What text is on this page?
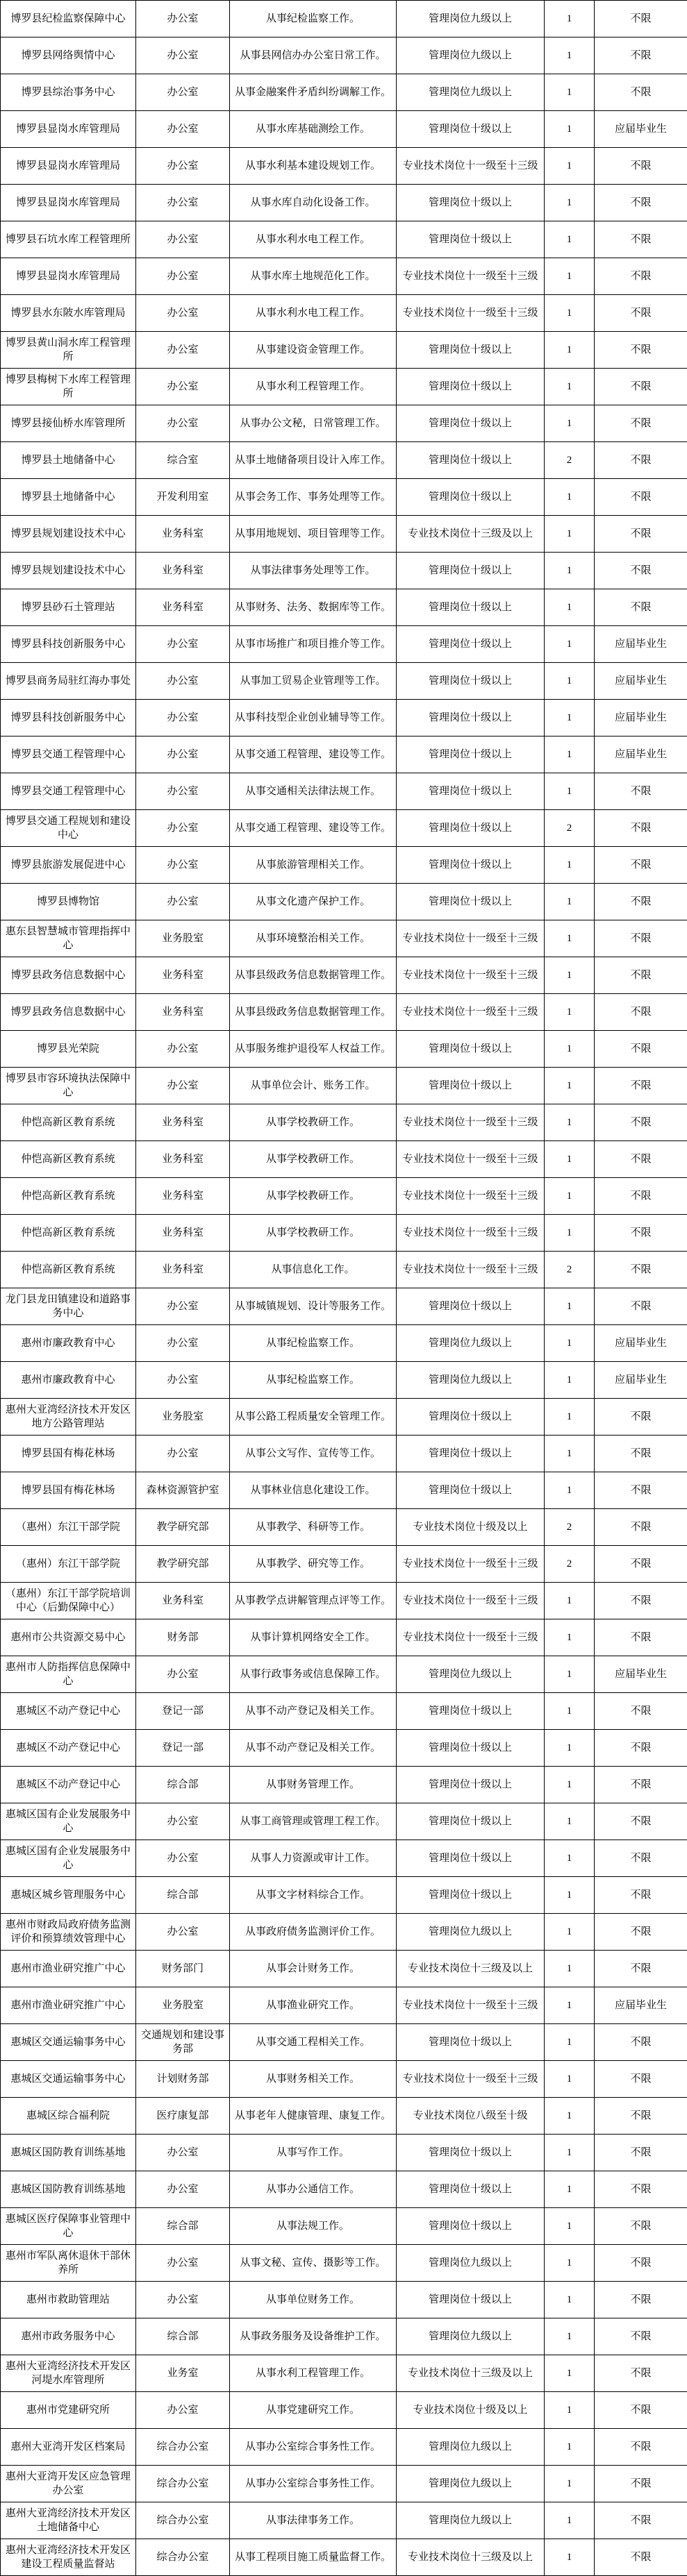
博罗县纪检监察保障中心	办公室	从事纪检监察工作。	管理岗位九级以上	1	不限
博罗县网络舆情中心	办公室	从事县网信办办公室日常工作。	管理岗位九级以上	1	不限
博罗县综治事务中心	办公室	从事金融案件矛盾纠纷调解工作。	管理岗位九级以上	1	不限
博罗县显岗水库管理局	办公室	从事水库基础测绘工作。	管理岗位十级以上	1	应届毕业生
博罗县显岗水库管理局	办公室	从事水利基本建设规划工作。	专业技术岗位十一级至十三级	1	不限
博罗县显岗水库管理局	办公室	从事水库自动化设备工作。	管理岗位十级以上	1	不限
博罗县石坑水库工程管理所	办公室	从事水利水电工程工作。	管理岗位十级以上	1	不限
博罗县显岗水库管理局	办公室	从事水库土地规范化工作。	专业技术岗位十一级至十三级	1	不限
博罗县水东陂水库管理局	办公室	从事水利水电工程工作。	专业技术岗位十一级至十三级	1	不限
博罗县黄山洞水库工程管理所	办公室	从事建设资金管理工作。	管理岗位十级以上	1	不限
博罗县梅树下水库工程管理所	办公室	从事水利工程管理工作。	管理岗位十级以上	1	不限
博罗县接仙桥水库管理所	办公室	从事办公文秘，日常管理工作。	管理岗位十级以上	1	不限
博罗县土地储备中心	综合室	从事土地储备项目设计入库工作。	管理岗位十级以上	2	不限
博罗县土地储备中心	开发利用室	从事会务工作、事务处理等工作。	管理岗位十级以上	1	不限
博罗县规划建设技术中心	业务科室	从事用地规划、项目管理等工作。	专业技术岗位十三级及以上	1	不限
博罗县规划建设技术中心	业务科室	从事法律事务处理等工作。	管理岗位十级以上	1	不限
博罗县砂石土管理站	业务科室	从事财务、法务、数据库等工作。	管理岗位十级以上	1	不限
博罗县科技创新服务中心	办公室	从事市场推广和项目推介等工作。	管理岗位十级以上	1	应届毕业生
博罗县商务局驻红海办事处	办公室	从事加工贸易企业管理等工作。	管理岗位十级以上	1	应届毕业生
博罗县科技创新服务中心	办公室	从事科技型企业创业辅导等工作。	管理岗位十级以上	1	应届毕业生
博罗县交通工程管理中心	办公室	从事交通工程管理、建设等工作。	管理岗位十级以上	1	应届毕业生
博罗县交通工程管理中心	办公室	从事交通相关法律法规工作。	管理岗位十级以上	1	不限
博罗县交通工程规划和建设中心	办公室	从事交通工程管理、建设等工作。	管理岗位十级以上	2	不限
博罗县旅游发展促进中心	办公室	从事旅游管理相关工作。	管理岗位十级以上	1	不限
博罗县博物馆	办公室	从事文化遗产保护工作。	管理岗位十级以上	1	不限
惠东县智慧城市管理指挥中心	业务股室	从事环境整治相关工作。	专业技术岗位十一级至十三级	1	不限
博罗县政务信息数据中心	业务科室	从事县级政务信息数据管理工作。	专业技术岗位十一级至十三级	1	不限
博罗县政务信息数据中心	业务科室	从事县级政务信息数据管理工作。	专业技术岗位十一级至十三级	1	不限
博罗县光荣院	办公室	从事服务维护退役军人权益工作。	管理岗位十级以上	1	不限
博罗县市容环境执法保障中心	办公室	从事单位会计、账务工作。	管理岗位十级以上	1	不限
仲恺高新区教育系统	业务科室	从事学校教研工作。	专业技术岗位十一级至十三级	1	不限
仲恺高新区教育系统	业务科室	从事学校教研工作。	专业技术岗位十一级至十三级	1	不限
仲恺高新区教育系统	业务科室	从事学校教研工作。	专业技术岗位十一级至十三级	1	不限
仲恺高新区教育系统	业务科室	从事学校教研工作。	专业技术岗位十一级至十三级	1	不限
仲恺高新区教育系统	业务科室	从事信息化工作。	专业技术岗位十一级至十三级	2	不限
龙门县龙田镇建设和道路事务中心	办公室	从事城镇规划、设计等服务工作。	管理岗位十级以上	1	不限
惠州市廉政教育中心	办公室	从事纪检监察工作。	管理岗位九级以上	1	应届毕业生
惠州市廉政教育中心	办公室	从事纪检监察工作。	管理岗位九级以上	1	应届毕业生
惠州大亚湾经济技术开发区地方公路管理站	业务股室	从事公路工程质量安全管理工作。	管理岗位十级以上	1	不限
博罗县国有梅花林场	办公室	从事公文写作、宣传等工作。	管理岗位十级以上	1	不限
博罗县国有梅花林场	森林资源管护室	从事林业信息化建设工作。	管理岗位十级以上	1	不限
（惠州）东江干部学院	教学研究部	从事教学、科研等工作。	专业技术岗位十级及以上	2	不限
（惠州）东江干部学院	教学研究部	从事教学、研究等工作。	专业技术岗位十一级至十三级	2	不限
（惠州）东江干部学院培训中心（后勤保障中心）	业务科室	从事教学点讲解管理点评等工作。	专业技术岗位十一级至十三级	1	不限
惠州市公共资源交易中心	财务部	从事计算机网络安全工作。	专业技术岗位十一级至十三级	1	不限
惠州市人防指挥信息保障中心	办公室	从事行政事务或信息保障工作。	管理岗位九级以上	1	应届毕业生
惠城区不动产登记中心	登记一部	从事不动产登记及相关工作。	管理岗位十级以上	1	不限
惠城区不动产登记中心	登记一部	从事不动产登记及相关工作。	管理岗位十级以上	1	不限
惠城区不动产登记中心	综合部	从事财务管理工作。	管理岗位十级以上	1	不限
惠城区国有企业发展服务中心	办公室	从事工商管理或管理工程工作。	管理岗位十级以上	1	不限
惠城区国有企业发展服务中心	办公室	从事人力资源或审计工作。	管理岗位十级以上	1	不限
惠城区城乡管理服务中心	综合部	从事文字材料综合工作。	管理岗位十级以上	1	不限
惠州市财政局政府债务监测评价和预算绩效管理中心	办公室	从事政府债务监测评价工作。	管理岗位九级以上	1	不限
惠州市渔业研究推广中心	财务部门	从事会计财务工作。	专业技术岗位十三级及以上	1	不限
惠州市渔业研究推广中心	业务股室	从事渔业研究工作。	专业技术岗位十一级至十三级	1	应届毕业生
惠城区交通运输事务中心	交通规划和建设事务部	从事交通工程相关工作。	管理岗位十级以上	1	不限
惠城区交通运输事务中心	计划财务部	从事财务相关工作。	专业技术岗位十一级至十三级	1	不限
惠城区综合福利院	医疗康复部	从事老年人健康管理、康复工作。	专业技术岗位八级至十级	1	不限
惠城区国防教育训练基地	办公室	从事写作工作。	管理岗位十级以上	1	不限
惠城区国防教育训练基地	办公室	从事办公通信工作。	管理岗位十级以上	1	不限
惠城区医疗保障事业管理中心	综合部	从事法规工作。	管理岗位十级以上	1	不限
惠州市军队离休退休干部休养所	办公室	从事文秘、宣传、摄影等工作。	管理岗位九级以上	1	不限
惠州市救助管理站	办公室	从事单位财务工作。	管理岗位十级以上	1	不限
惠州市政务服务中心	综合部	从事政务服务及设备维护工作。	管理岗位九级以上	1	不限
惠州大亚湾经济技术开发区河堤水库管理所	业务室	从事水利工程管理工作。	专业技术岗位十三级及以上	1	不限
惠州市党建研究所	办公室	从事党建研究工作。	专业技术岗位十级及以上	1	不限
惠州大亚湾开发区档案局	综合办公室	从事办公室综合事务性工作。	管理岗位九级以上	1	不限
惠州大亚湾开发区应急管理办公室	综合办公室	从事办公室综合事务性工作。	管理岗位九级以上	1	不限
惠州大亚湾经济技术开发区土地储备中心	综合办公室	从事法律事务工作。	管理岗位九级以上	1	不限
惠州大亚湾经济技术开发区建设工程质量监督站	综合办公室	从事工程项目施工质量监督工作。	专业技术岗位十三级及以上	1	不限
